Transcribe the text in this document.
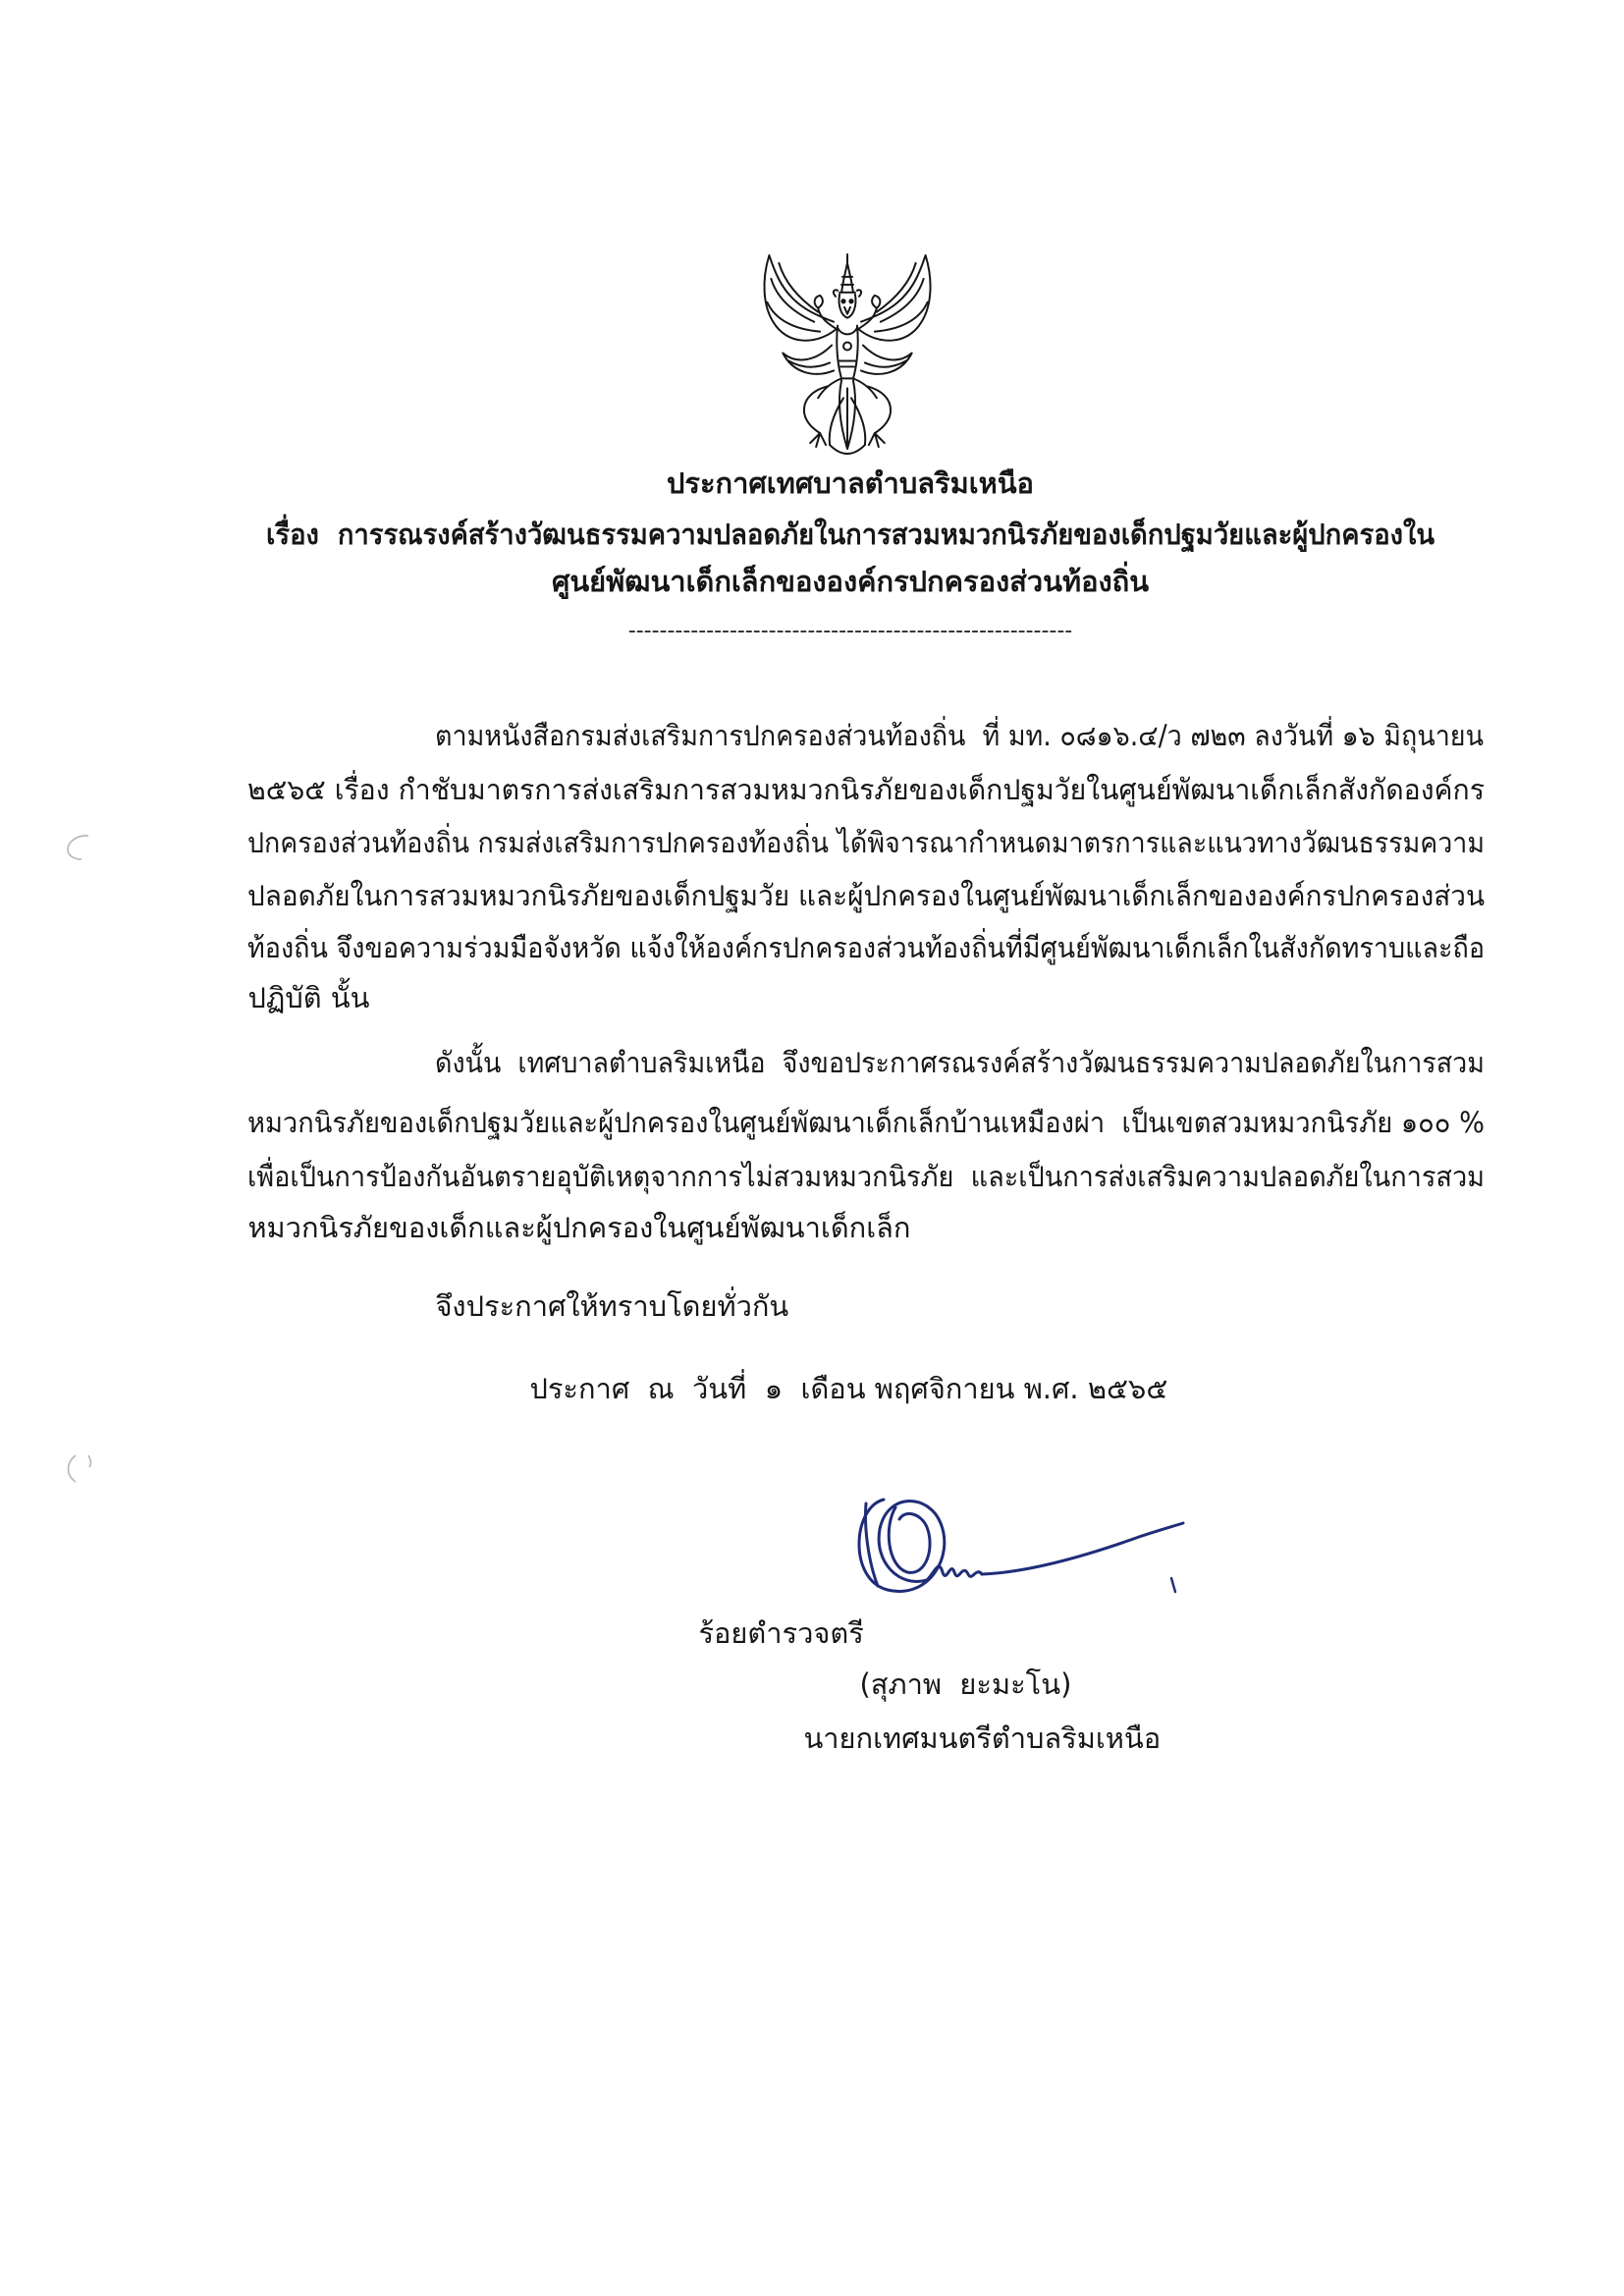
ประกาศเทศบาลตำบลริมเหนือ
เรื่อง  การรณรงค์สร้างวัฒนธรรมความปลอดภัยในการสวมหมวกนิรภัยของเด็กปฐมวัยและผู้ปกครองใน
ศูนย์พัฒนาเด็กเล็กขององค์กรปกครองส่วนท้องถิ่น
---------------------------------------------------------

ตามหนังสือกรมส่งเสริมการปกครองส่วนท้องถิ่น  ที่ มท. ๐๘๑๖.๔/ว ๗๒๓ ลงวันที่ ๑๖ มิถุนายน

๒๕๖๕ เรื่อง กำชับมาตรการส่งเสริมการสวมหมวกนิรภัยของเด็กปฐมวัยในศูนย์พัฒนาเด็กเล็กสังกัดองค์กร

ปกครองส่วนท้องถิ่น กรมส่งเสริมการปกครองท้องถิ่น ได้พิจารณากำหนดมาตรการและแนวทางวัฒนธรรมความ

ปลอดภัยในการสวมหมวกนิรภัยของเด็กปฐมวัย และผู้ปกครองในศูนย์พัฒนาเด็กเล็กขององค์กรปกครองส่วน

ท้องถิ่น จึงขอความร่วมมือจังหวัด แจ้งให้องค์กรปกครองส่วนท้องถิ่นที่มีศูนย์พัฒนาเด็กเล็กในสังกัดทราบและถือ

ปฏิบัติ นั้น

ดังนั้น  เทศบาลตำบลริมเหนือ  จึงขอประกาศรณรงค์สร้างวัฒนธรรมความปลอดภัยในการสวม

หมวกนิรภัยของเด็กปฐมวัยและผู้ปกครองในศูนย์พัฒนาเด็กเล็กบ้านเหมืองผ่า  เป็นเขตสวมหมวกนิรภัย ๑๐๐ %

เพื่อเป็นการป้องกันอันตรายอุบัติเหตุจากการไม่สวมหมวกนิรภัย  และเป็นการส่งเสริมความปลอดภัยในการสวม

หมวกนิรภัยของเด็กและผู้ปกครองในศูนย์พัฒนาเด็กเล็ก

จึงประกาศให้ทราบโดยทั่วกัน

ประกาศ  ณ  วันที่  ๑  เดือน พฤศจิกายน พ.ศ. ๒๕๖๕

ร้อยตำรวจตรี

(สุภาพ  ยะมะโน)

นายกเทศมนตรีตำบลริมเหนือ
